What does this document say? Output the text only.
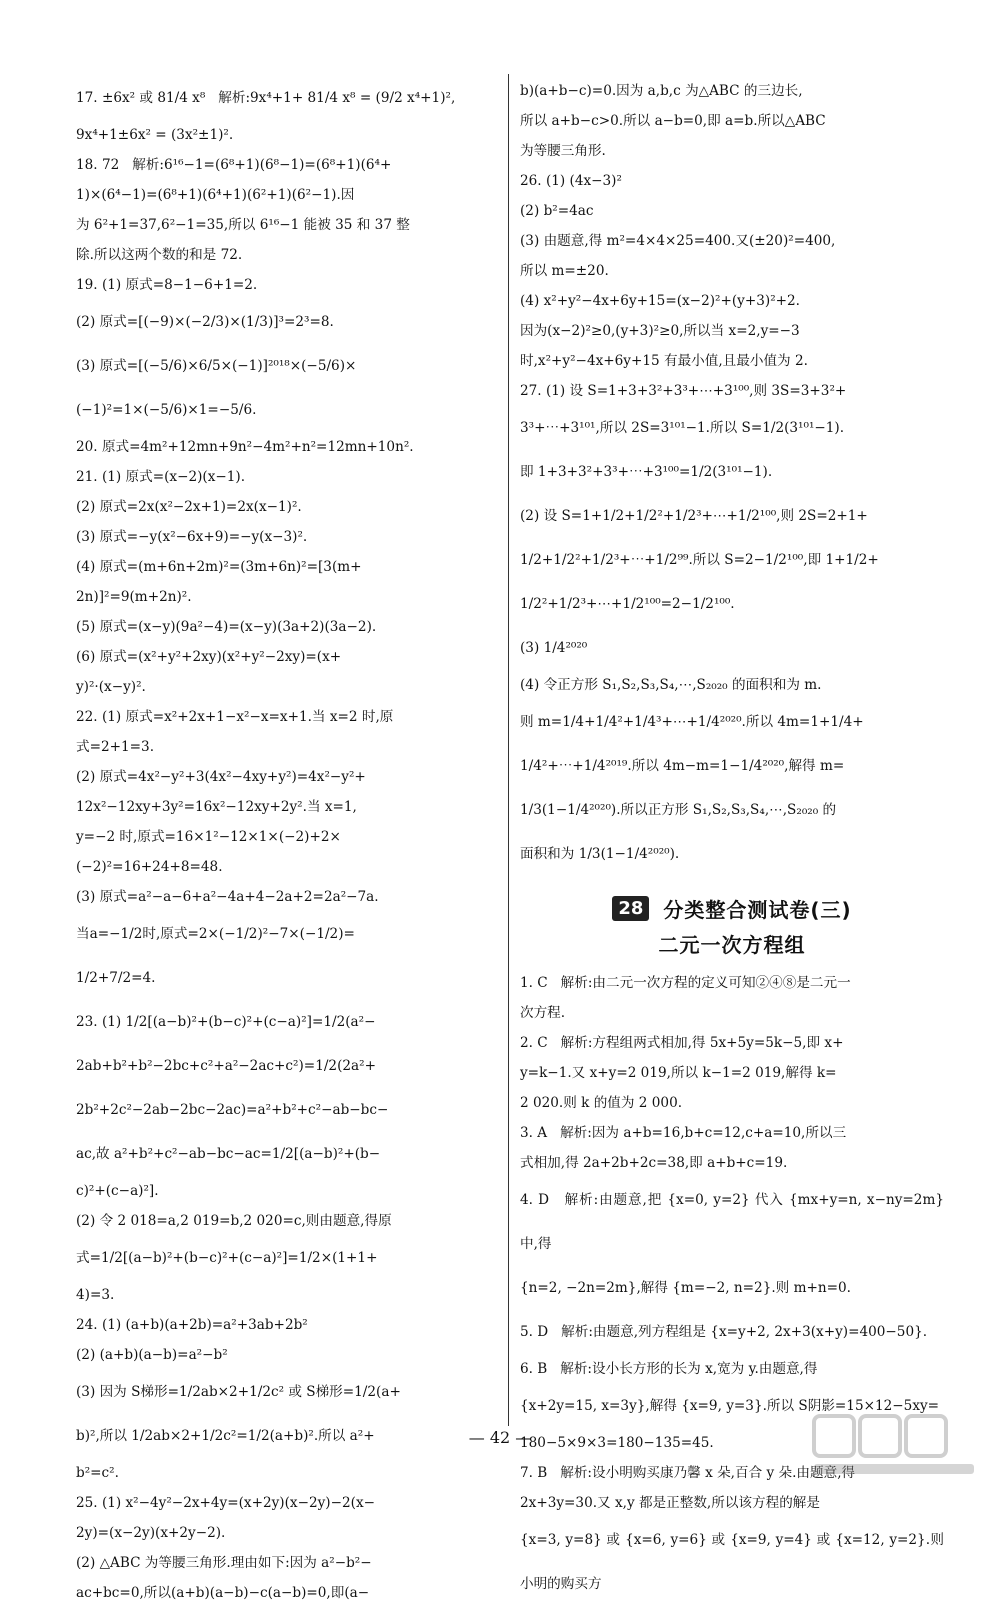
17. ±6x² 或 81/4 x⁸   解析:9x⁴+1+ 81/4 x⁸ = (9/2 x⁴+1)²,
9x⁴+1±6x² = (3x²±1)².
18. 72   解析:6¹⁶−1=(6⁸+1)(6⁸−1)=(6⁸+1)(6⁴+
1)×(6⁴−1)=(6⁸+1)(6⁴+1)(6²+1)(6²−1).因
为 6²+1=37,6²−1=35,所以 6¹⁶−1 能被 35 和 37 整
除.所以这两个数的和是 72.
19. (1) 原式=8−1−6+1=2.
(2) 原式=[(−9)×(−2/3)×(1/3)]³=2³=8.
(3) 原式=[(−5/6)×6/5×(−1)]²⁰¹⁸×(−5/6)×
(−1)²=1×(−5/6)×1=−5/6.
20. 原式=4m²+12mn+9n²−4m²+n²=12mn+10n².
21. (1) 原式=(x−2)(x−1).
(2) 原式=2x(x²−2x+1)=2x(x−1)².
(3) 原式=−y(x²−6x+9)=−y(x−3)².
(4) 原式=(m+6n+2m)²=(3m+6n)²=[3(m+
2n)]²=9(m+2n)².
(5) 原式=(x−y)(9a²−4)=(x−y)(3a+2)(3a−2).
(6) 原式=(x²+y²+2xy)(x²+y²−2xy)=(x+
y)²·(x−y)².
22. (1) 原式=x²+2x+1−x²−x=x+1.当 x=2 时,原
式=2+1=3.
(2) 原式=4x²−y²+3(4x²−4xy+y²)=4x²−y²+
12x²−12xy+3y²=16x²−12xy+2y².当 x=1,
y=−2 时,原式=16×1²−12×1×(−2)+2×
(−2)²=16+24+8=48.
(3) 原式=a²−a−6+a²−4a+4−2a+2=2a²−7a.
当a=−1/2时,原式=2×(−1/2)²−7×(−1/2)=
1/2+7/2=4.
23. (1) 1/2[(a−b)²+(b−c)²+(c−a)²]=1/2(a²−
2ab+b²+b²−2bc+c²+a²−2ac+c²)=1/2(2a²+
2b²+2c²−2ab−2bc−2ac)=a²+b²+c²−ab−bc−
ac,故 a²+b²+c²−ab−bc−ac=1/2[(a−b)²+(b−
c)²+(c−a)²].
(2) 令 2 018=a,2 019=b,2 020=c,则由题意,得原
式=1/2[(a−b)²+(b−c)²+(c−a)²]=1/2×(1+1+
4)=3.
24. (1) (a+b)(a+2b)=a²+3ab+2b²
(2) (a+b)(a−b)=a²−b²
(3) 因为 S梯形=1/2ab×2+1/2c² 或 S梯形=1/2(a+
b)²,所以 1/2ab×2+1/2c²=1/2(a+b)².所以 a²+
b²=c².
25. (1) x²−4y²−2x+4y=(x+2y)(x−2y)−2(x−
2y)=(x−2y)(x+2y−2).
(2) △ABC 为等腰三角形.理由如下:因为 a²−b²−
ac+bc=0,所以(a+b)(a−b)−c(a−b)=0,即(a−
b)(a+b−c)=0.因为 a,b,c 为△ABC 的三边长,
所以 a+b−c>0.所以 a−b=0,即 a=b.所以△ABC
为等腰三角形.
26. (1) (4x−3)²
(2) b²=4ac
(3) 由题意,得 m²=4×4×25=400.又(±20)²=400,
所以 m=±20.
(4) x²+y²−4x+6y+15=(x−2)²+(y+3)²+2.
因为(x−2)²≥0,(y+3)²≥0,所以当 x=2,y=−3
时,x²+y²−4x+6y+15 有最小值,且最小值为 2.
27. (1) 设 S=1+3+3²+3³+⋯+3¹⁰⁰,则 3S=3+3²+
3³+⋯+3¹⁰¹,所以 2S=3¹⁰¹−1.所以 S=1/2(3¹⁰¹−1).
即 1+3+3²+3³+⋯+3¹⁰⁰=1/2(3¹⁰¹−1).
(2) 设 S=1+1/2+1/2²+1/2³+⋯+1/2¹⁰⁰,则 2S=2+1+
1/2+1/2²+1/2³+⋯+1/2⁹⁹.所以 S=2−1/2¹⁰⁰,即 1+1/2+
1/2²+1/2³+⋯+1/2¹⁰⁰=2−1/2¹⁰⁰.
(3) 1/4²⁰²⁰
(4) 令正方形 S₁,S₂,S₃,S₄,⋯,S₂₀₂₀ 的面积和为 m.
则 m=1/4+1/4²+1/4³+⋯+1/4²⁰²⁰.所以 4m=1+1/4+
1/4²+⋯+1/4²⁰¹⁹.所以 4m−m=1−1/4²⁰²⁰,解得 m=
1/3(1−1/4²⁰²⁰).所以正方形 S₁,S₂,S₃,S₄,⋯,S₂₀₂₀ 的
面积和为 1/3(1−1/4²⁰²⁰).
28	分类整合测试卷(三)
二元一次方程组
1. C   解析:由二元一次方程的定义可知②④⑧是二元一
次方程.
2. C   解析:方程组两式相加,得 5x+5y=5k−5,即 x+
y=k−1.又 x+y=2 019,所以 k−1=2 019,解得 k=
2 020.则 k 的值为 2 000.
3. A   解析:因为 a+b=16,b+c=12,c+a=10,所以三
式相加,得 2a+2b+2c=38,即 a+b+c=19.
4. D   解析:由题意,把 {x=0, y=2} 代入 {mx+y=n, x−ny=2m} 中,得
{n=2, −2n=2m},解得 {m=−2, n=2}.则 m+n=0.
5. D   解析:由题意,列方程组是 {x=y+2, 2x+3(x+y)=400−50}.
6. B   解析:设小长方形的长为 x,宽为 y.由题意,得
{x+2y=15, x=3y},解得 {x=9, y=3}.所以 S阴影=15×12−5xy=
180−5×9×3=180−135=45.
7. B   解析:设小明购买康乃馨 x 朵,百合 y 朵.由题意,得
2x+3y=30.又 x,y 都是正整数,所以该方程的解是
{x=3, y=8} 或 {x=6, y=6} 或 {x=9, y=4} 或 {x=12, y=2}.则小明的购买方
— 42 —
